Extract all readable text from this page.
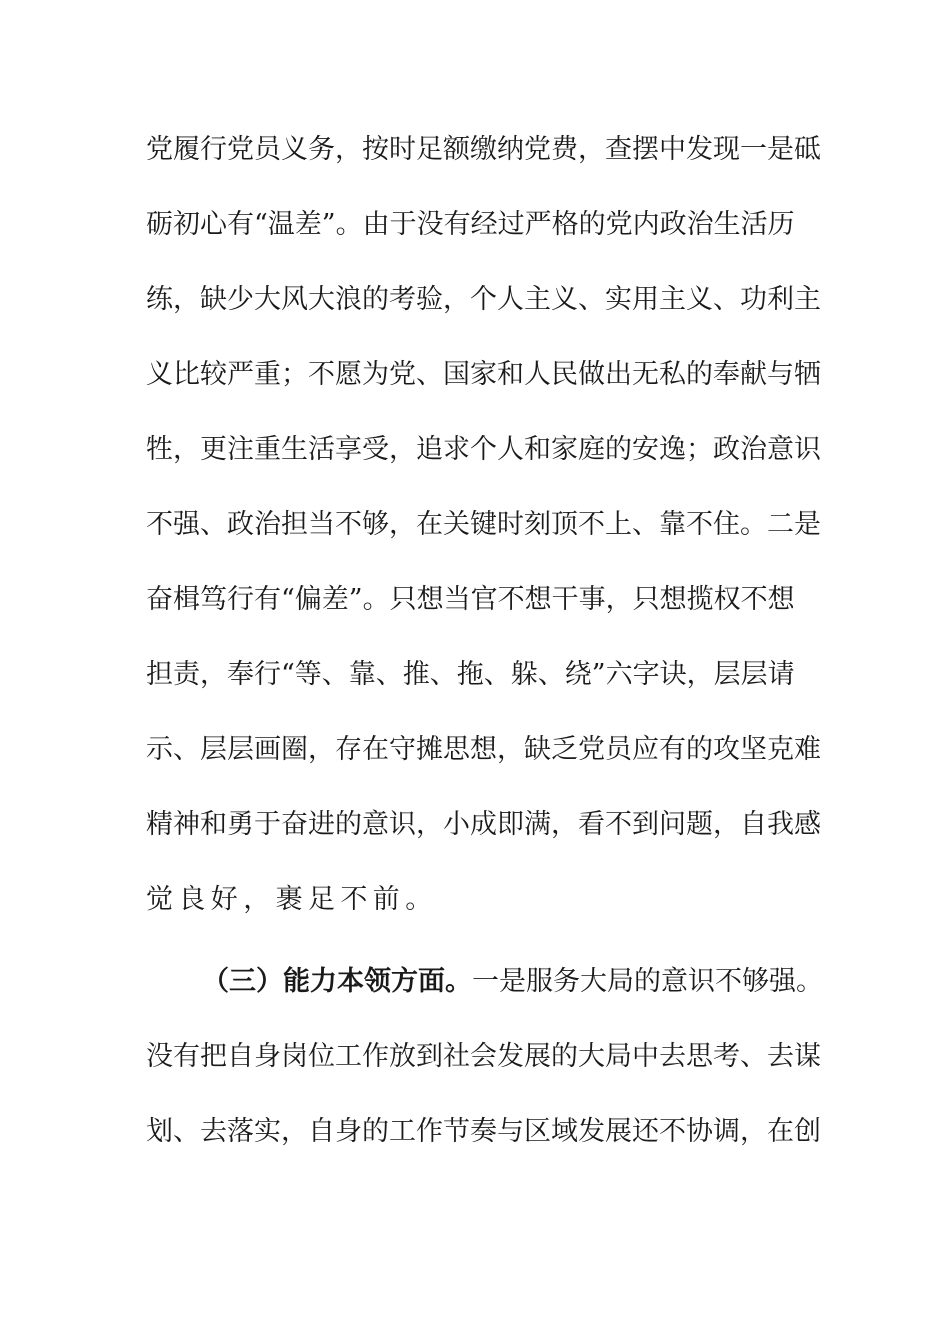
党履行党员义务，按时足额缴纳党费，查摆中发现一是砥
砺初心有“温差”。由于没有经过严格的党内政治生活历
练，缺少大风大浪的考验，个人主义、实用主义、功利主
义比较严重；不愿为党、国家和人民做出无私的奉献与牺
牲，更注重生活享受，追求个人和家庭的安逸；政治意识
不强、政治担当不够，在关键时刻顶不上、靠不住。二是
奋楫笃行有“偏差”。只想当官不想干事，只想揽权不想
担责，奉行“等、靠、推、拖、躲、绕”六字诀，层层请
示、层层画圈，存在守摊思想，缺乏党员应有的攻坚克难
精神和勇于奋进的意识，小成即满，看不到问题，自我感
觉良好，裹足不前。
（三）能力本领方面。一是服务大局的意识不够强。
没有把自身岗位工作放到社会发展的大局中去思考、去谋
划、去落实，自身的工作节奏与区域发展还不协调，在创
